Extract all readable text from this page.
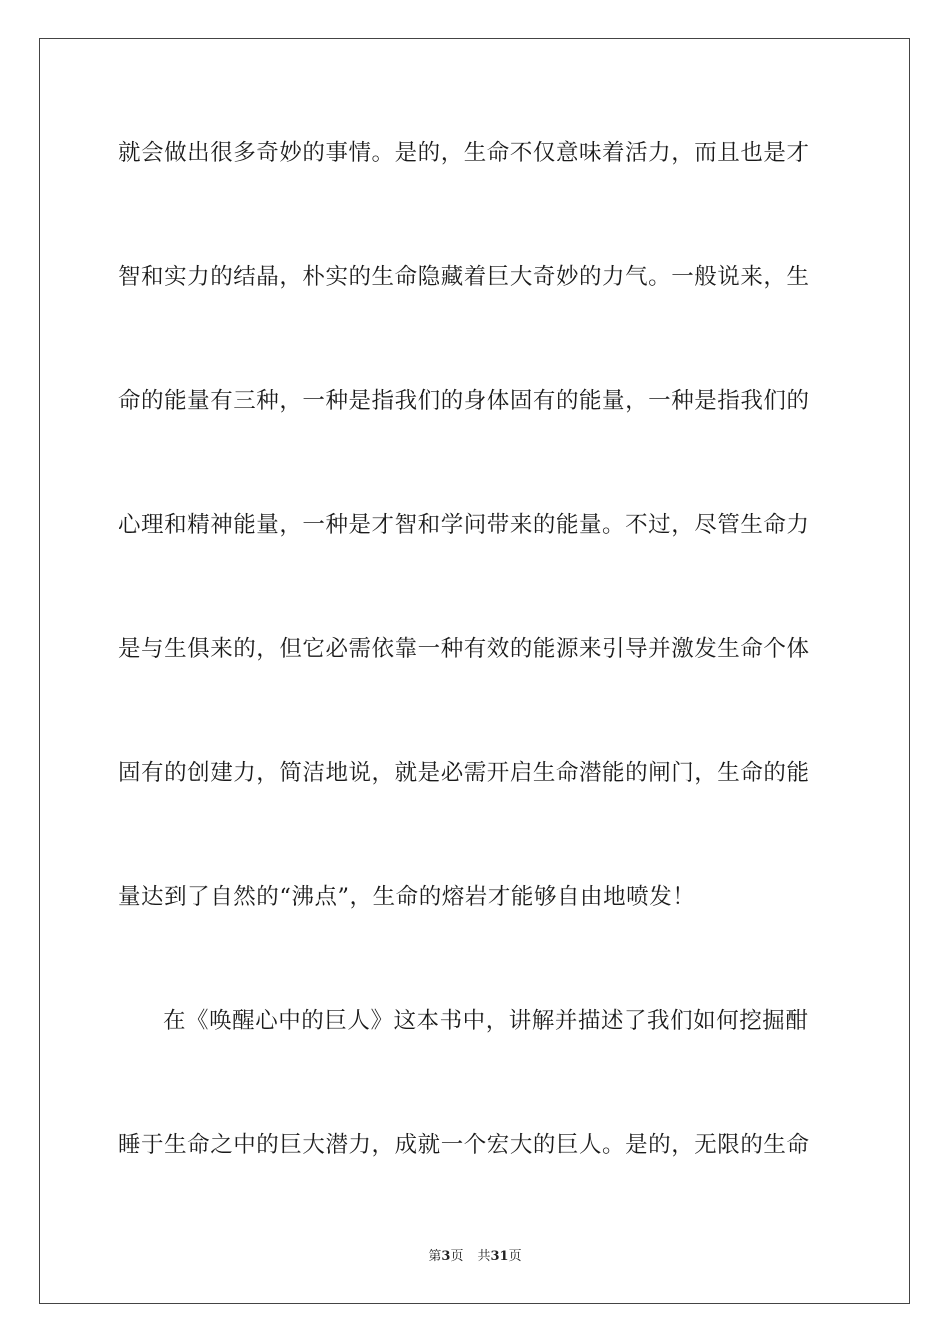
就会做出很多奇妙的事情。是的，生命不仅意味着活力，而且也是才
智和实力的结晶，朴实的生命隐藏着巨大奇妙的力气。一般说来，生
命的能量有三种，一种是指我们的身体固有的能量，一种是指我们的
心理和精神能量，一种是才智和学问带来的能量。不过，尽管生命力
是与生俱来的，但它必需依靠一种有效的能源来引导并激发生命个体
固有的创建力，简洁地说，就是必需开启生命潜能的闸门，生命的能
量达到了自然的“沸点”，生命的熔岩才能够自由地喷发！
在《唤醒心中的巨人》这本书中，讲解并描述了我们如何挖掘酣
睡于生命之中的巨大潜力，成就一个宏大的巨人。是的，无限的生命
第3页 共31页
